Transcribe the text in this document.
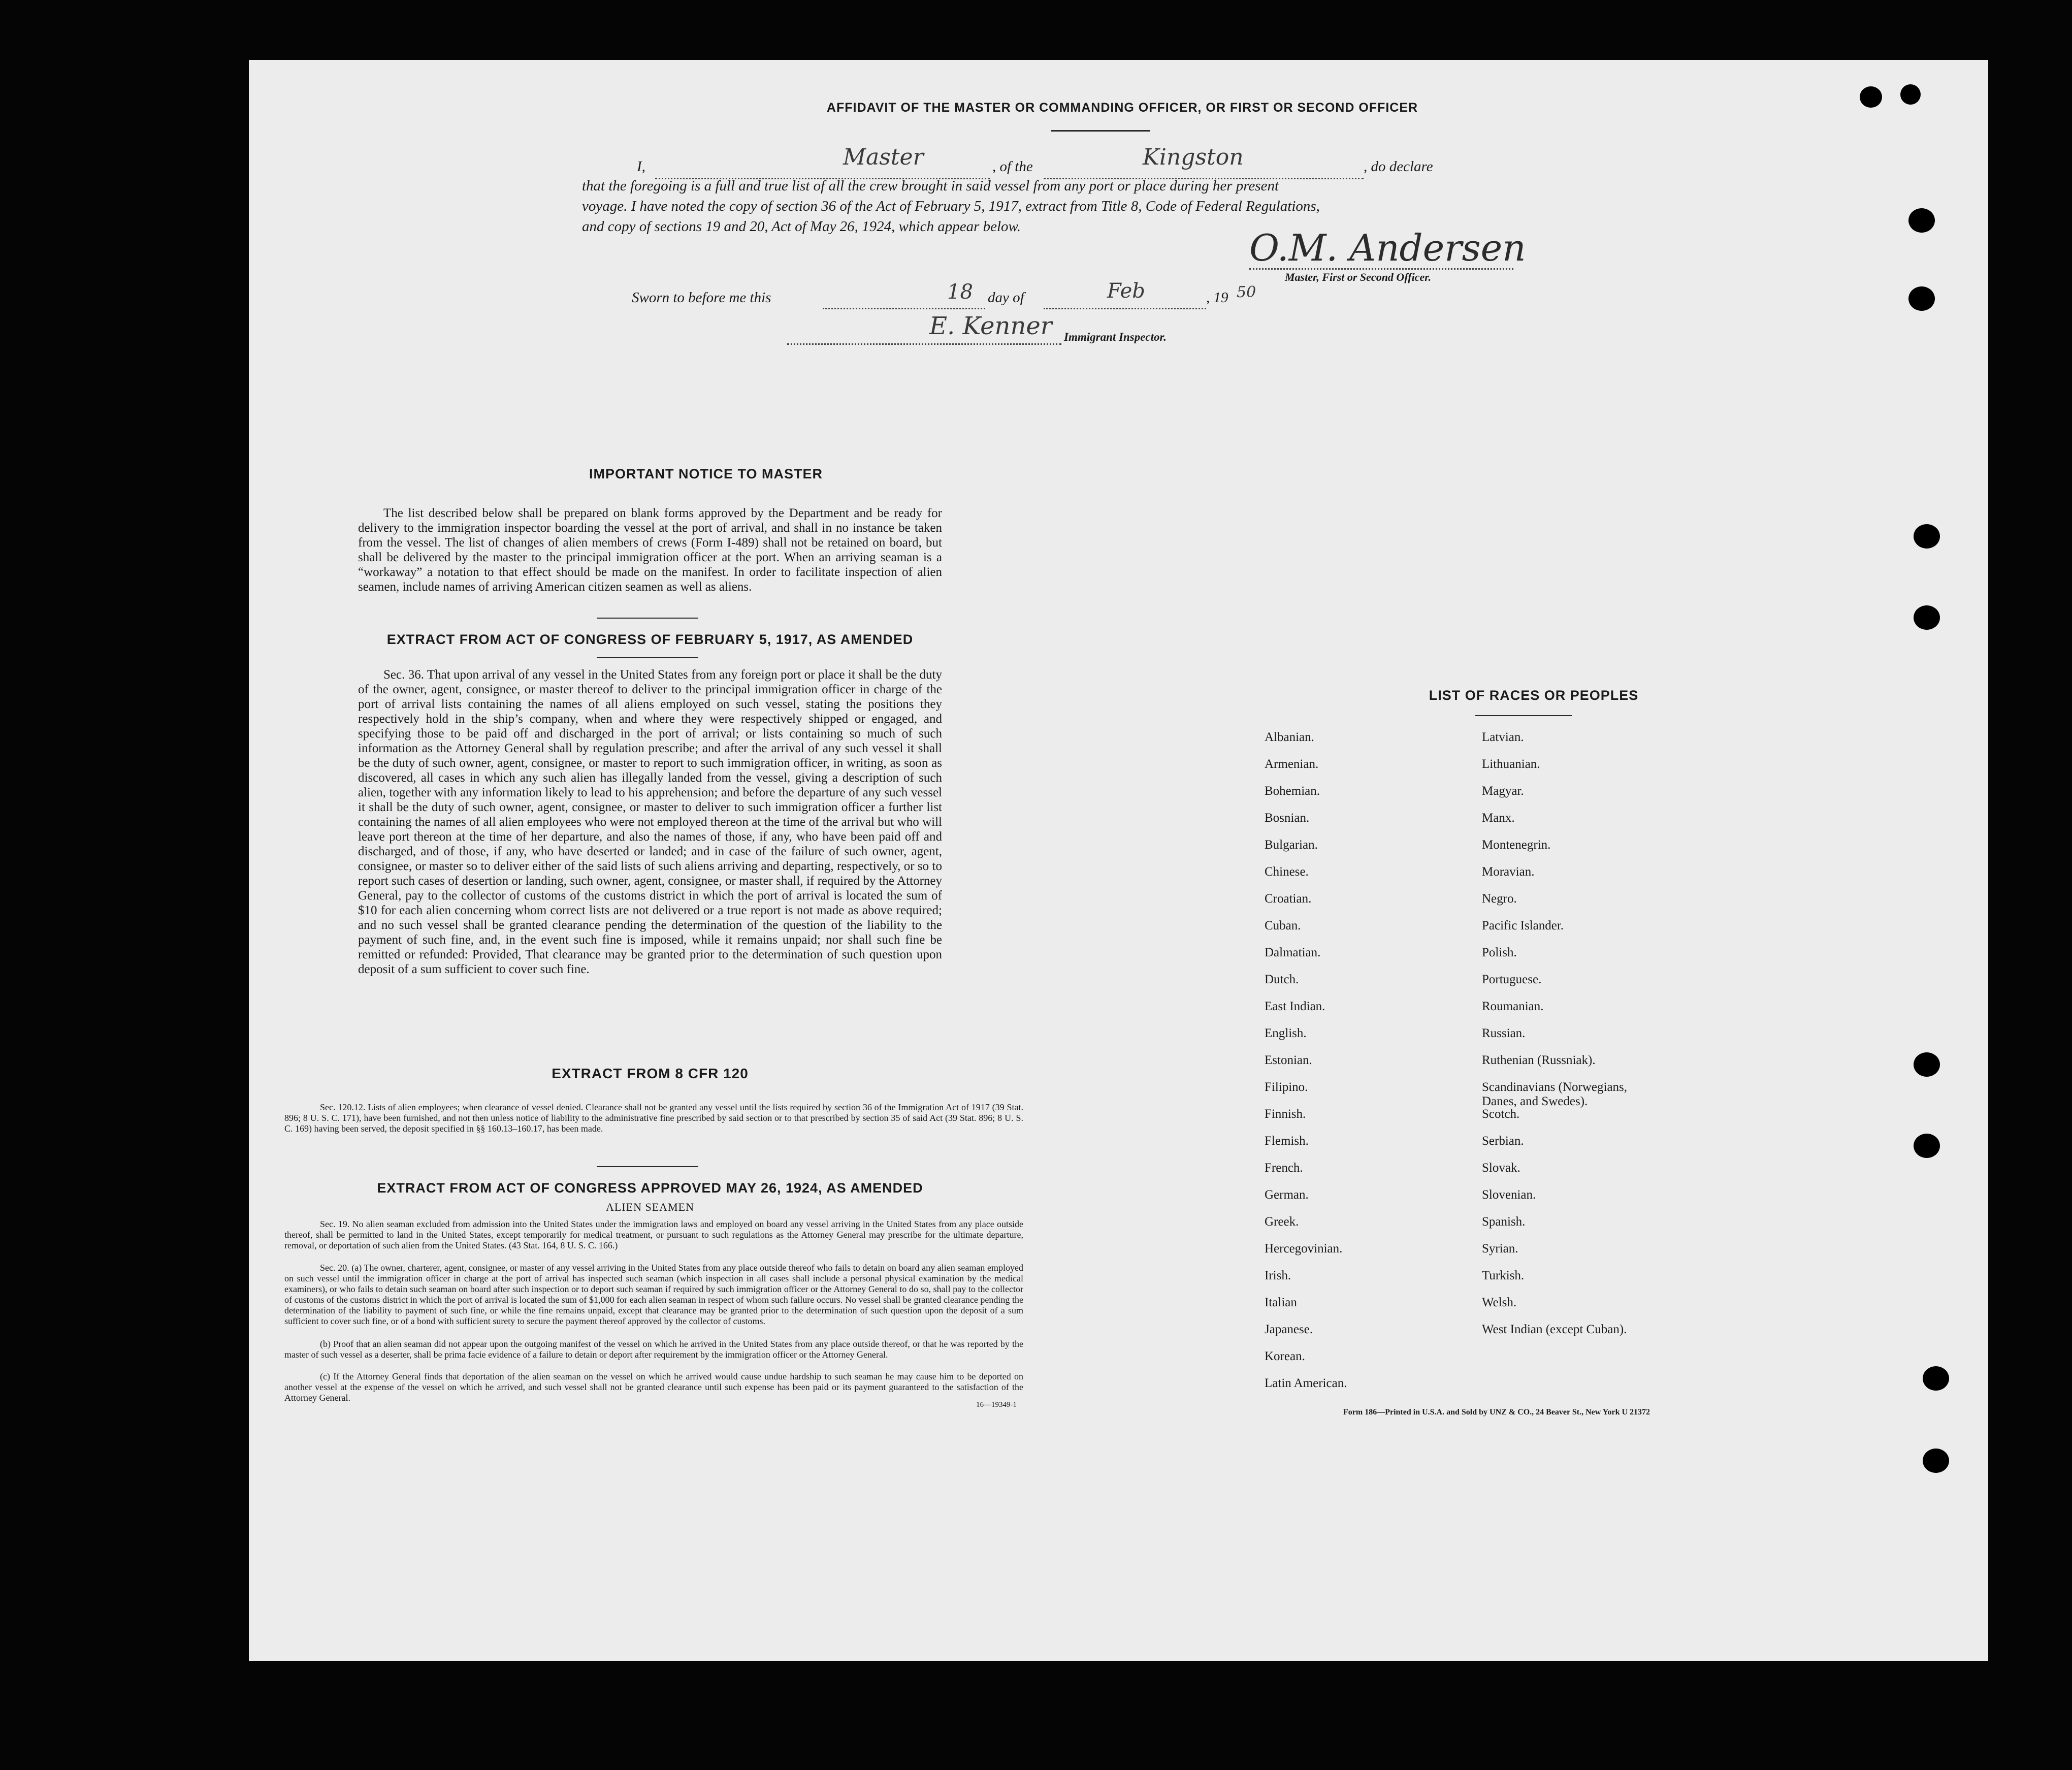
AFFIDAVIT OF THE MASTER OR COMMANDING OFFICER, OR FIRST OR SECOND OFFICER
I,	Master	, of the	Kingston	, do declare
that the foregoing is a full and true list of all the crew brought in said vessel from any port or place during her present
voyage. I have noted the copy of section 36 of the Act of February 5, 1917, extract from Title 8, Code of Federal Regulations,
and copy of sections 19 and 20, Act of May 26, 1924, which appear below.	O.M. Andersen
Master, First or Second Officer.
Sworn to before me this	18 day of	Feb	, 19 50
E. Kenner Immigrant Inspector.
IMPORTANT NOTICE TO MASTER
The list described below shall be prepared on blank forms approved by the Department and be ready for delivery to the immigration inspector boarding the vessel at the port of arrival, and shall in no instance be taken from the vessel. The list of changes of alien members of crews (Form I-489) shall not be retained on board, but shall be delivered by the master to the principal immigration officer at the port. When an arriving seaman is a “workaway” a notation to that effect should be made on the manifest. In order to facilitate inspection of alien seamen, include names of arriving American citizen seamen as well as aliens.
EXTRACT FROM ACT OF CONGRESS OF FEBRUARY 5, 1917, AS AMENDED
Sec. 36. That upon arrival of any vessel in the United States from any foreign port or place it shall be the duty of the owner, agent, consignee, or master thereof to deliver to the principal immigration officer in charge of the port of arrival lists containing the names of all aliens employed on such vessel, stating the positions they respectively hold in the ship’s company, when and where they were respectively shipped or engaged, and specifying those to be paid off and discharged in the port of arrival; or lists containing so much of such information as the Attorney General shall by regulation prescribe; and after the arrival of any such vessel it shall be the duty of such owner, agent, consignee, or master to report to such immigration officer, in writing, as soon as discovered, all cases in which any such alien has illegally landed from the vessel, giving a description of such alien, together with any information likely to lead to his apprehension; and before the departure of any such vessel it shall be the duty of such owner, agent, consignee, or master to deliver to such immigration officer a further list containing the names of all alien employees who were not employed thereon at the time of the arrival but who will leave port thereon at the time of her departure, and also the names of those, if any, who have been paid off and discharged, and of those, if any, who have deserted or landed; and in case of the failure of such owner, agent, consignee, or master so to deliver either of the said lists of such aliens arriving and departing, respectively, or so to report such cases of desertion or landing, such owner, agent, consignee, or master shall, if required by the Attorney General, pay to the collector of customs of the customs district in which the port of arrival is located the sum of $10 for each alien concerning whom correct lists are not delivered or a true report is not made as above required; and no such vessel shall be granted clearance pending the determination of the question of the liability to the payment of such fine, and, in the event such fine is imposed, while it remains unpaid; nor shall such fine be remitted or refunded: Provided, That clearance may be granted prior to the determination of such question upon deposit of a sum sufficient to cover such fine.
EXTRACT FROM 8 CFR 120
Sec. 120.12. Lists of alien employees; when clearance of vessel denied. Clearance shall not be granted any vessel until the lists required by section 36 of the Immigration Act of 1917 (39 Stat. 896; 8 U. S. C. 171), have been furnished, and not then unless notice of liability to the administrative fine prescribed by said section or to that prescribed by section 35 of said Act (39 Stat. 896; 8 U. S. C. 169) having been served, the deposit specified in §§ 160.13–160.17, has been made.
EXTRACT FROM ACT OF CONGRESS APPROVED MAY 26, 1924, AS AMENDED
ALIEN SEAMEN
Sec. 19. No alien seaman excluded from admission into the United States under the immigration laws and employed on board any vessel arriving in the United States from any place outside thereof, shall be permitted to land in the United States, except temporarily for medical treatment, or pursuant to such regulations as the Attorney General may prescribe for the ultimate departure, removal, or deportation of such alien from the United States. (43 Stat. 164, 8 U. S. C. 166.)
Sec. 20. (a) The owner, charterer, agent, consignee, or master of any vessel arriving in the United States from any place outside thereof who fails to detain on board any alien seaman employed on such vessel until the immigration officer in charge at the port of arrival has inspected such seaman (which inspection in all cases shall include a personal physical examination by the medical examiners), or who fails to detain such seaman on board after such inspection or to deport such seaman if required by such immigration officer or the Attorney General to do so, shall pay to the collector of customs of the customs district in which the port of arrival is located the sum of $1,000 for each alien seaman in respect of whom such failure occurs. No vessel shall be granted clearance pending the determination of the liability to payment of such fine, or while the fine remains unpaid, except that clearance may be granted prior to the determination of such question upon the deposit of a sum sufficient to cover such fine, or of a bond with sufficient surety to secure the payment thereof approved by the collector of customs.
(b) Proof that an alien seaman did not appear upon the outgoing manifest of the vessel on which he arrived in the United States from any place outside thereof, or that he was reported by the master of such vessel as a deserter, shall be prima facie evidence of a failure to detain or deport after requirement by the immigration officer or the Attorney General.
(c) If the Attorney General finds that deportation of the alien seaman on the vessel on which he arrived would cause undue hardship to such seaman he may cause him to be deported on another vessel at the expense of the vessel on which he arrived, and such vessel shall not be granted clearance until such expense has been paid or its payment guaranteed to the satisfaction of the Attorney General.
16—19349-1
LIST OF RACES OR PEOPLES
Albanian.
Armenian.
Bohemian.
Bosnian.
Bulgarian.
Chinese.
Croatian.
Cuban.
Dalmatian.
Dutch.
East Indian.
English.
Estonian.
Filipino.
Finnish.
Flemish.
French.
German.
Greek.
Hercegovinian.
Irish.
Italian
Japanese.
Korean.
Latin American.
Latvian.
Lithuanian.
Magyar.
Manx.
Montenegrin.
Moravian.
Negro.
Pacific Islander.
Polish.
Portuguese.
Roumanian.
Russian.
Ruthenian (Russniak).
Scandinavians (Norwegians,
Danes, and Swedes).
Scotch.
Serbian.
Slovak.
Slovenian.
Spanish.
Syrian.
Turkish.
Welsh.
West Indian (except Cuban).
Form 186—Printed in U.S.A. and Sold by UNZ & CO., 24 Beaver St., New York U 21372
